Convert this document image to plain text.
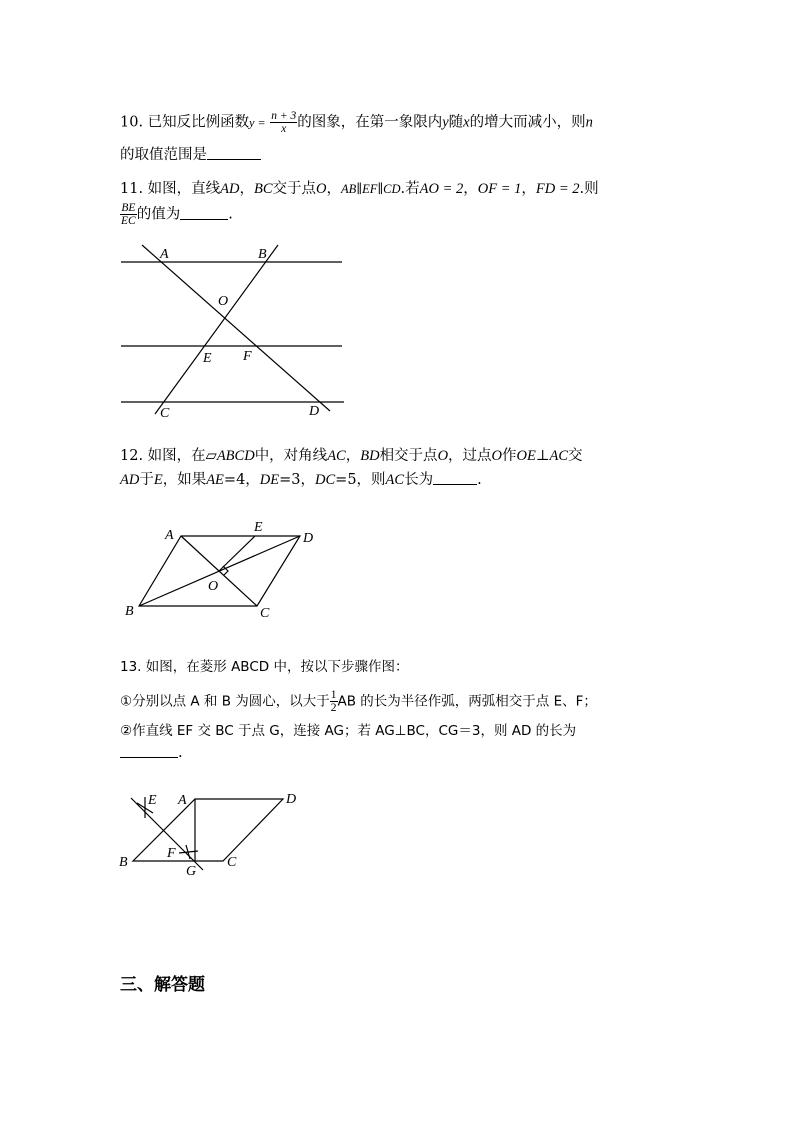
10. 已知反比例函数$y = \frac{n + 3}{x}$ 的图象，在第一象限内y随x的增大而减小，则n
的取值范围是
11. 如图，直线AD，BC交于点O，AB∥EF∥CD.若AO = 2，OF = 1，FD = 2.则
$\frac{BE}{EC}$ 的值为	.
A	B
O
E F
C	D
12. 如图，在▱ABCD中，对角线AC，BD相交于点O，过点O作OE⊥AC交
AD于E，如果AE=4，DE=3，DC=5，则AC长为	.
A
E
D
O
B	C
13. 如图，在菱形 ABCD 中，按以下步骤作图：
①分别以点 A 和 B 为圆心，以大于 $\frac{1}{2}$ AB 的长为半径作弧，两弧相交于点 E、F；
②作直线 EF 交 BC 于点 G，连接 AG；若 AG⊥BC，CG＝3，则 AD 的长为
.
E A	D
F
B
G
C
三、解答题
